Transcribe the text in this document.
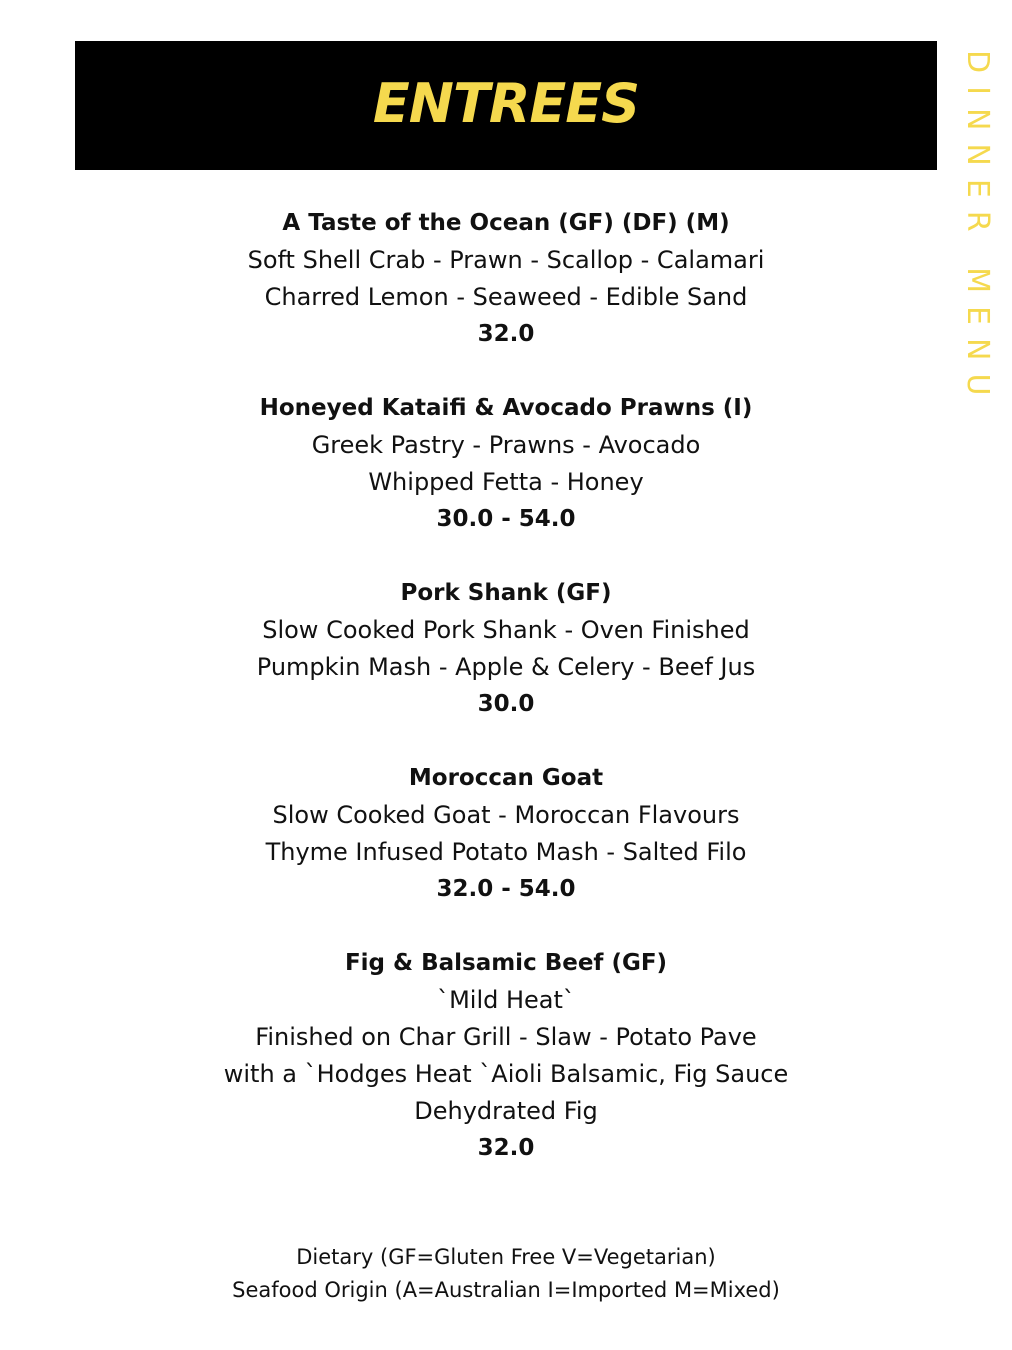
ENTREES	DINNER MENU
A Taste of the Ocean (GF) (DF) (M)
Soft Shell Crab - Prawn - Scallop - Calamari
Charred Lemon - Seaweed - Edible Sand
32.0
Honeyed Kataifi & Avocado Prawns (I)
Greek Pastry - Prawns - Avocado
Whipped Fetta - Honey
30.0 - 54.0
Pork Shank (GF)
Slow Cooked Pork Shank - Oven Finished
Pumpkin Mash - Apple & Celery - Beef Jus
30.0
Moroccan Goat
Slow Cooked Goat - Moroccan Flavours
Thyme Infused Potato Mash - Salted Filo
32.0 - 54.0
Fig & Balsamic Beef (GF)
`Mild Heat`
Finished on Char Grill - Slaw - Potato Pave
with a `Hodges Heat `Aioli Balsamic, Fig Sauce
Dehydrated Fig
32.0
Dietary (GF=Gluten Free V=Vegetarian)
Seafood Origin (A=Australian I=Imported M=Mixed)
